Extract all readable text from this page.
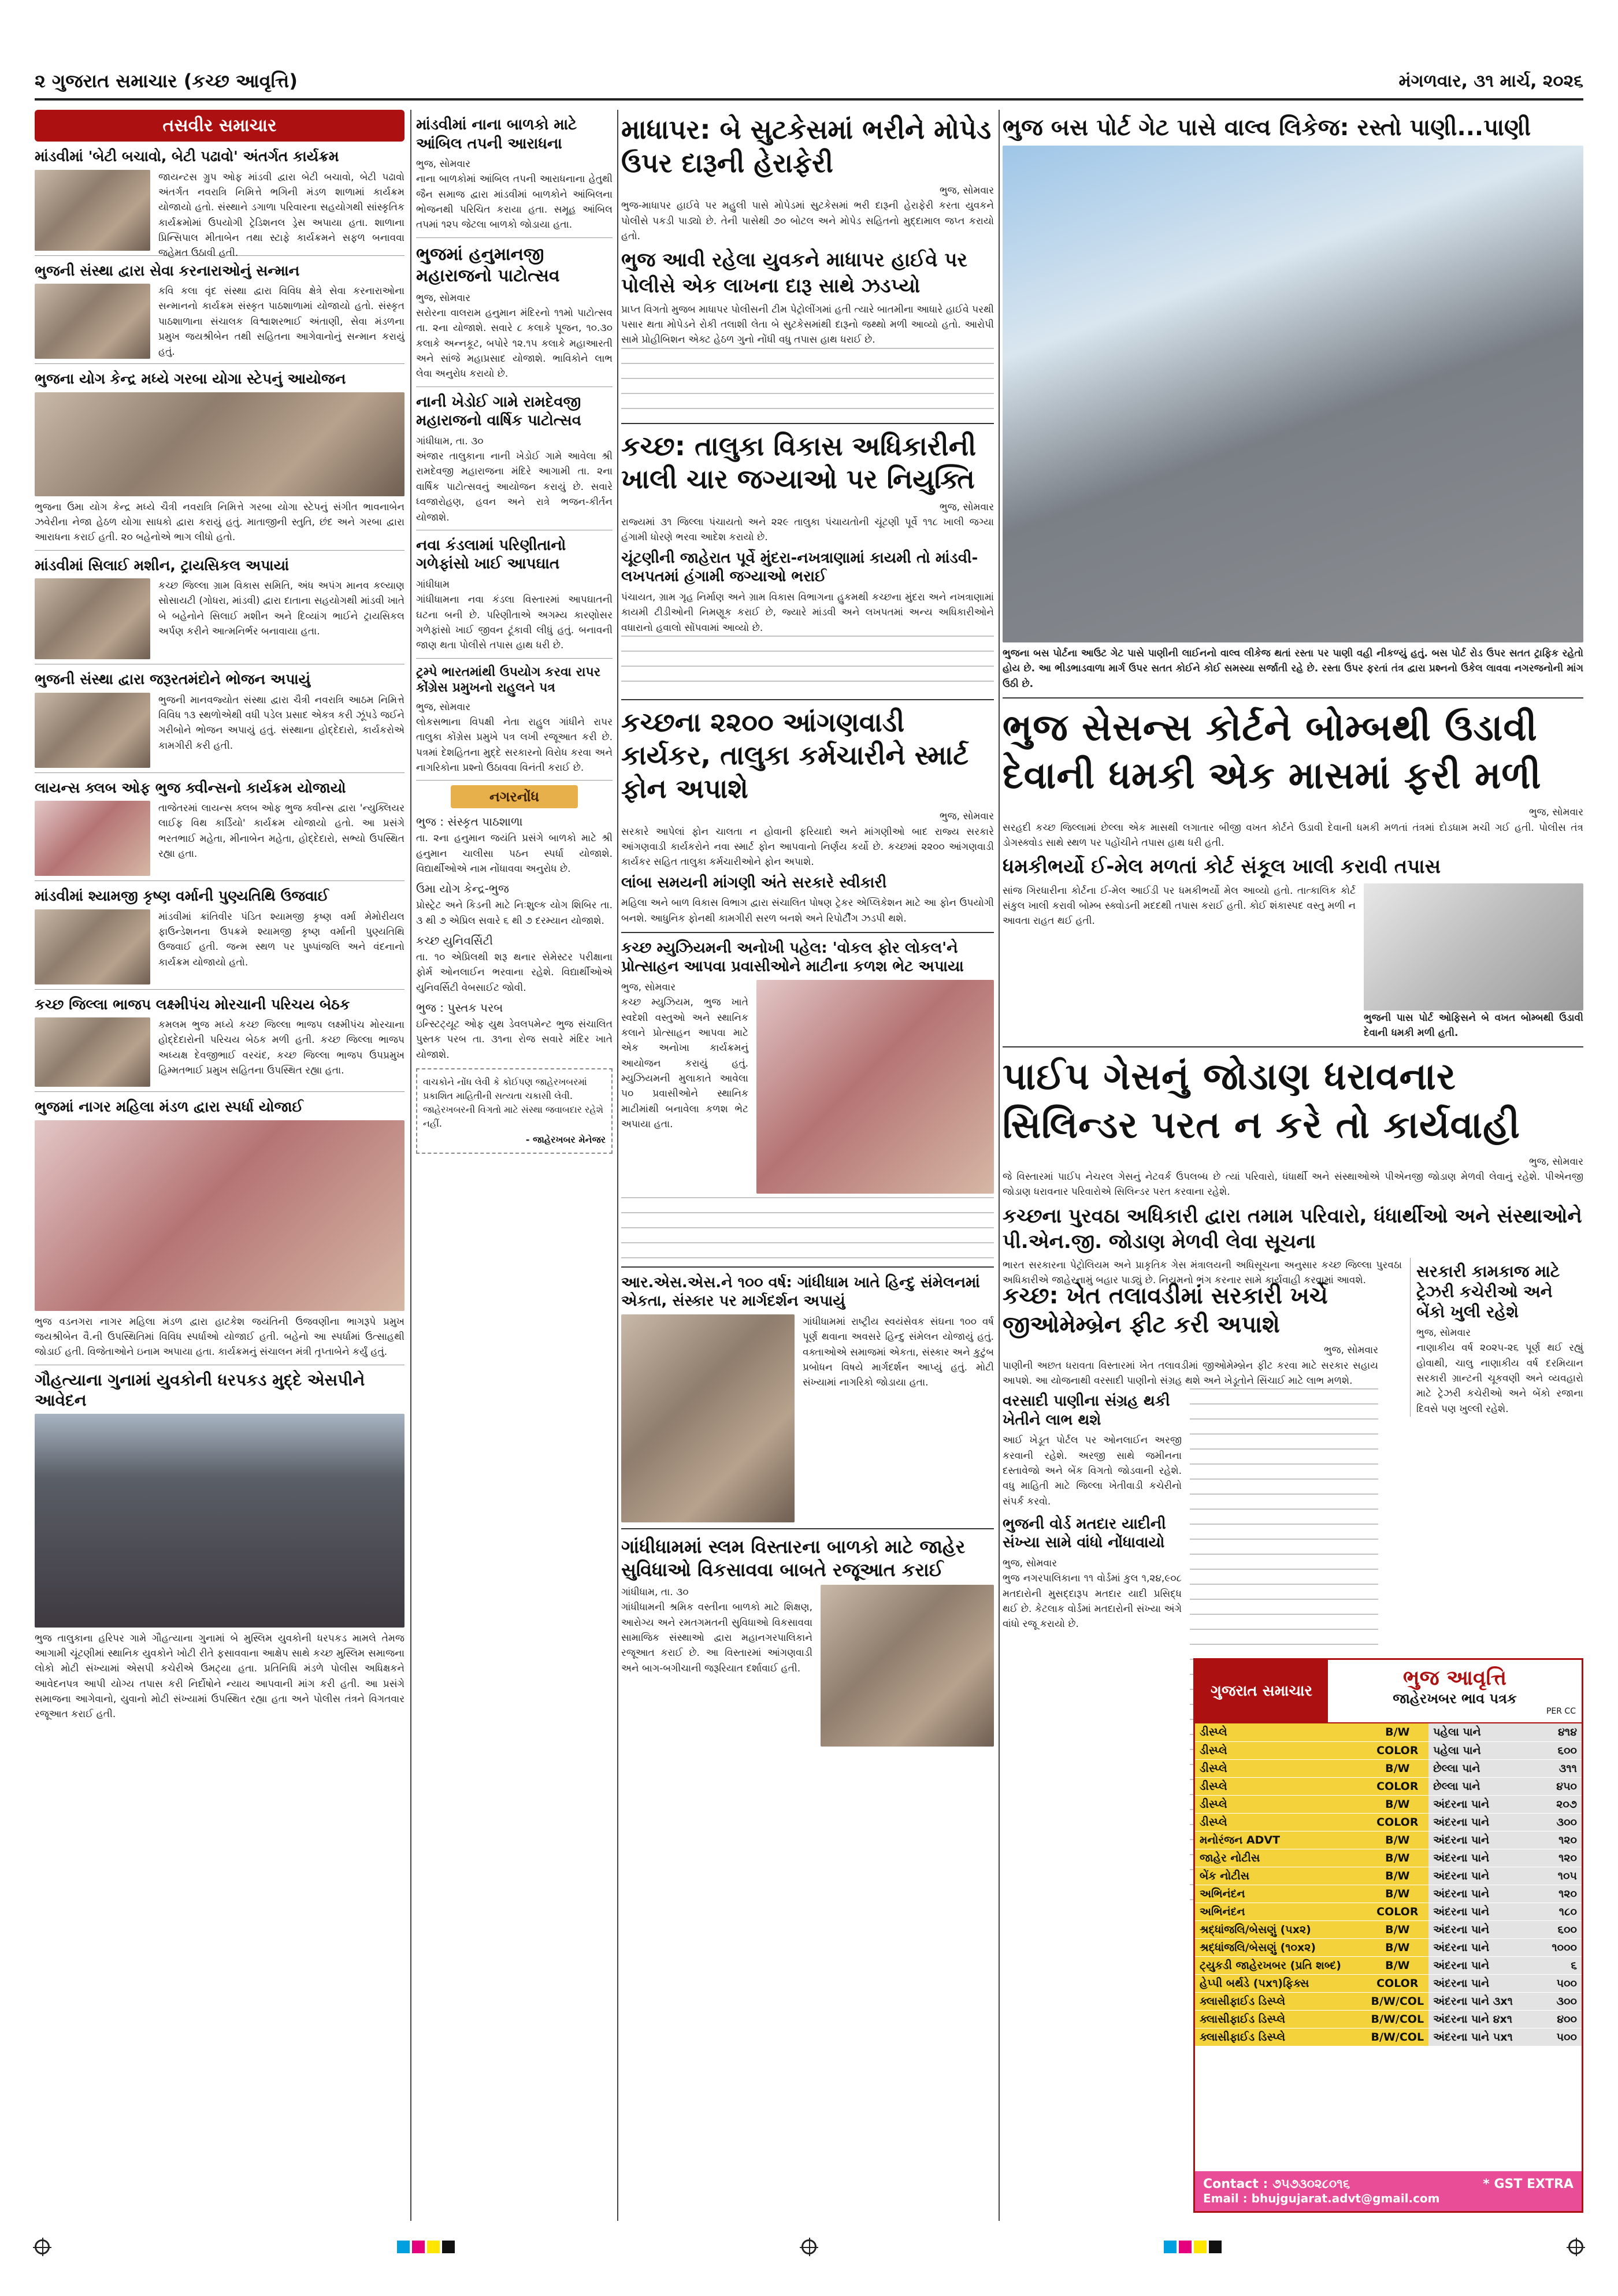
૨ ગુજરાત સમાચાર (કચ્છ આવૃત્તિ)	મંગળવાર, ૩૧ માર્ચ, ૨૦૨૬
તસવીર સમાચાર
માંડવીમાં 'બેટી બચાવો, બેટી પઢાવો' અંતર્ગત કાર્યક્રમ
જાયન્ટસ ગ્રુપ ઓફ માંડવી દ્વારા બેટી બચાવો, બેટી પઢાવો અંતર્ગત નવરાત્રિ નિમિત્તે ભગિની મંડળ શાળામાં કાર્યક્રમ યોજાયો હતો. સંસ્થાને ડગાળા પરિવારના સહયોગથી સાંસ્કૃતિક કાર્યક્રમોમાં ઉપયોગી ટ્રેડિશનલ ડ્રેસ અપાયા હતા. શાળાના પ્રિન્સિપાલ મીતાબેન તથા સ્ટાફે કાર્યક્રમને સફળ બનાવવા જહેમત ઉઠાવી હતી.
ભુજની સંસ્થા દ્વારા સેવા કરનારાઓનું સન્માન
કવિ કલા વૃંદ સંસ્થા દ્વારા વિવિધ ક્ષેત્રે સેવા કરનારાઓના સન્માનનો કાર્યક્રમ સંસ્કૃત પાઠશાળામાં યોજાયો હતો. સંસ્કૃત પાઠશાળાના સંચાલક વિશ્વાશરભાઈ અંતાણી, સેવા મંડળના પ્રમુખ જયશ્રીબેન તથી સહિતના આગેવાનોનું સન્માન કરાયું હતું.
ભુજના યોગ કેન્દ્ર મધ્યે ગરબા યોગા સ્ટેપનું આયોજન
ભુજના ઉમા યોગ કેન્દ્ર મધ્યે ચૈત્રી નવરાત્રિ નિમિત્તે ગરબા યોગા સ્ટેપનું સંગીત ભાવનાબેન ઝવેરીના નેજા હેઠળ યોગા સાધકો દ્વારા કરાયું હતું. માતાજીની સ્તુતિ, છંદ અને ગરબા દ્વારા આરાધના કરાઈ હતી. ૨૦ બહેનોએ ભાગ લીધો હતો.
માંડવીમાં સિલાઈ મશીન, ટ્રાયસિકલ અપાયાં
કચ્છ જિલ્લા ગ્રામ વિકાસ સમિતિ, અંધ અપંગ માનવ કલ્યાણ સોસાયટી (ગોધરા, માંડવી) દ્વારા દાતાના સહયોગથી માંડવી ખાતે બે બહેનોને સિલાઈ મશીન અને દિવ્યાંગ ભાઈને ટ્રાયસિકલ અર્પણ કરીને આત્મનિર્ભર બનાવાયા હતા.
ભુજની સંસ્થા દ્વારા જરૂરતમંદોને ભોજન અપાયું
ભુજની માનવજ્યોત સંસ્થા દ્વારા ચૈત્રી નવરાત્રિ આઠમ નિમિત્તે વિવિધ ૧૩ સ્થળોએથી વધી પડેલ પ્રસાદ એકત્ર કરી ઝૂંપડે જઈને ગરીબોને ભોજન અપાયું હતું. સંસ્થાના હોદ્દેદારો, કાર્યકરોએ કામગીરી કરી હતી.
લાયન્સ ક્લબ ઓફ ભુજ ક્વીન્સનો કાર્યક્રમ યોજાયો
તાજેતરમાં લાયન્સ ક્લબ ઓફ ભુજ ક્વીન્સ દ્વારા 'ન્યુક્લિયર લાઈફ વિથ કાર્ડિયો' કાર્યક્રમ યોજાયો હતો. આ પ્રસંગે ભરતભાઈ મહેતા, મીનાબેન મહેતા, હોદ્દેદારો, સભ્યો ઉપસ્થિત રહ્યા હતા.
માંડવીમાં શ્યામજી કૃષ્ણ વર્માની પુણ્યતિથિ ઉજવાઈ
માંડવીમાં ક્રાંતિવીર પંડિત શ્યામજી કૃષ્ણ વર્મા મેમોરીયલ ફાઉન્ડેશનના ઉપક્રમે શ્યામજી કૃષ્ણ વર્માની પુણ્યતિથિ ઉજવાઈ હતી. જન્મ સ્થળ પર પુષ્પાંજલિ અને વંદનાનો કાર્યક્રમ યોજાયો હતો.
કચ્છ જિલ્લા ભાજપ લક્ષ્મીપંચ મોરચાની પરિચય બેઠક
કમલમ ભુજ મધ્યે કચ્છ જિલ્લા ભાજપ લક્ષ્મીપંચ મોરચાના હોદ્દેદારોની પરિચય બેઠક મળી હતી. કચ્છ જિલ્લા ભાજપ અધ્યક્ષ દેવજીભાઈ વરચંદ, કચ્છ જિલ્લા ભાજપ ઉપપ્રમુખ હિમ્મતભાઈ પ્રમુખ સહિતના ઉપસ્થિત રહ્યા હતા.
ભુજમાં નાગર મહિલા મંડળ દ્વારા સ્પર્ધા યોજાઈ
ભુજ વડનગરા નાગર મહિલા મંડળ દ્વારા હાટકેશ જયંતિની ઉજવણીના ભાગરૂપે પ્રમુખ જયશ્રીબેન વૈ.ની ઉપસ્થિતિમાં વિવિધ સ્પર્ધાઓ યોજાઈ હતી. બહેનો આ સ્પર્ધામાં ઉત્સાહથી જોડાઈ હતી. વિજેતાઓને ઇનામ અપાયા હતા. કાર્યક્રમનું સંચાલન મંત્રી તૃપ્તાબેને કર્યું હતું.
ગૌહત્યાના ગુનામાં યુવકોની ધરપકડ મુદ્દે એસપીને આવેદન
ભુજ તાલુકાના હરિપર ગામે ગૌહત્યાના ગુનામાં બે મુસ્લિમ યુવકોની ધરપકડ મામલે તેમજ આગામી ચૂંટણીમાં સ્થાનિક યુવકોને ખોટી રીતે ફસાવવાના આક્ષેપ સાથે કચ્છ મુસ્લિમ સમાજના લોકો મોટી સંખ્યામાં એસપી કચેરીએ ઉમટ્યા હતા. પ્રતિનિધિ મંડળે પોલીસ અધિક્ષકને આવેદનપત્ર આપી યોગ્ય તપાસ કરી નિર્દોષોને ન્યાય આપવાની માંગ કરી હતી. આ પ્રસંગે સમાજના આગેવાનો, યુવાનો મોટી સંખ્યામાં ઉપસ્થિત રહ્યા હતા અને પોલીસ તંત્રને વિગતવાર રજૂઆત કરાઈ હતી.
માંડવીમાં નાના બાળકો માટે આંબિલ તપની આરાધના
ભુજ, સોમવાર
નાના બાળકોમાં આંબિલ તપની આરાધનાના હેતુથી જૈન સમાજ દ્વારા માંડવીમાં બાળકોને આંબિલના ભોજનથી પરિચિત કરાયા હતા. સમૂહ આંબિલ તપમાં ૧૨૫ જેટલા બાળકો જોડાયા હતા.
ભુજમાં હનુમાનજી મહારાજનો પાટોત્સવ
ભુજ, સોમવાર
સરોરના વાલરામ હનુમાન મંદિરનો ૧૧મો પાટોત્સવ તા. ૨ના યોજાશે. સવારે ૮ કલાકે પૂજન, ૧૦.૩૦ કલાકે અન્નકૂટ, બપોરે ૧૨.૧૫ કલાકે મહાઆરતી અને સાંજે મહાપ્રસાદ યોજાશે. ભાવિકોને લાભ લેવા અનુરોધ કરાયો છે.
નાની ખેડોઈ ગામે રામદેવજી મહારાજનો વાર્ષિક પાટોત્સવ
ગાંધીધામ, તા. ૩૦
અંજાર તાલુકાના નાની ખેડોઈ ગામે આવેલા શ્રી રામદેવજી મહારાજના મંદિરે આગામી તા. ૨ના વાર્ષિક પાટોત્સવનું આયોજન કરાયું છે. સવારે ધ્વજારોહણ, હવન અને રાત્રે ભજન-કીર્તન યોજાશે.
નવા કંડલામાં પરિણીતાનો ગળેફાંસો ખાઈ આપઘાત
ગાંધીધામ
ગાંધીધામના નવા કંડલા વિસ્તારમાં આપઘાતની ઘટના બની છે. પરિણીતાએ અગમ્ય કારણોસર ગળેફાંસો ખાઈ જીવન ટૂંકાવી લીધું હતું. બનાવની જાણ થતા પોલીસે તપાસ હાથ ધરી છે.
ટ્રમ્પે ભારતમાંથી ઉપયોગ કરવા રાપર કોંગ્રેસ પ્રમુખનો રાહુલને પત્ર
ભુજ, સોમવાર
લોકસભાના વિપક્ષી નેતા રાહુલ ગાંધીને રાપર તાલુકા કોંગ્રેસ પ્રમુખે પત્ર લખી રજૂઆત કરી છે. પત્રમાં દેશહિતના મુદ્દે સરકારનો વિરોધ કરવા અને નાગરિકોના પ્રશ્નો ઉઠાવવા વિનંતી કરાઈ છે.
નગરનોંધ
ભુજ : સંસ્કૃત પાઠશાળા
તા. ૨ના હનુમાન જયંતિ પ્રસંગે બાળકો માટે શ્રી હનુમાન ચાલીસા પઠન સ્પર્ધા યોજાશે. વિદ્યાર્થીઓએ નામ નોંધાવવા અનુરોધ છે.
ઉમા યોગ કેન્દ્ર-ભુજ
પ્રોસ્ટ્રેટ અને કિડની માટે નિઃશુલ્ક યોગ શિબિર તા. ૩ થી ૭ એપ્રિલ સવારે ૬ થી ૭ દરમ્યાન યોજાશે.
કચ્છ યુનિવર્સિટી
તા. ૧૦ એપ્રિલથી શરૂ થનાર સેમેસ્ટર પરીક્ષાના ફોર્મ ઓનલાઈન ભરવાના રહેશે. વિદ્યાર્થીઓએ યુનિવર્સિટી વેબસાઈટ જોવી.
ભુજ : પુસ્તક પરબ
ઇન્સ્ટિટ્યૂટ ઓફ યુથ ડેવલપમેન્ટ ભુજ સંચાલિત પુસ્તક પરબ તા. ૩૧ના રોજ સવારે મંદિર ખાતે યોજાશે.
વાચકોને નોંધ લેવી કે કોઈપણ જાહેરખબરમાં પ્રકાશિત માહિતીની સત્યતા ચકાસી લેવી. જાહેરખબરની વિગતો માટે સંસ્થા જવાબદાર રહેશે નહીં.
- જાહેરખબર મેનેજર
માધાપર: બે સુટકેસમાં ભરીને મોપેડ ઉપર દારૂની હેરાફેરી
ભુજ, સોમવાર
ભુજ-માધાપર હાઈવે પર મહુલી પાસે મોપેડમાં સુટકેસમાં ભરી દારૂની હેરાફેરી કરતા યુવકને પોલીસે પકડી પાડ્યો છે. તેની પાસેથી ૭૦ બોટલ અને મોપેડ સહિતનો મુદ્દામાલ જપ્ત કરાયો હતો.
ભુજ આવી રહેલા યુવકને માધાપર હાઈવે પર પોલીસે એક લાખના દારૂ સાથે ઝડપ્યો
પ્રાપ્ત વિગતો મુજબ માધાપર પોલીસની ટીમ પેટ્રોલીંગમાં હતી ત્યારે બાતમીના આધારે હાઈવે પરથી પસાર થતા મોપેડને રોકી તલાશી લેતા બે સુટકેસમાંથી દારૂનો જથ્થો મળી આવ્યો હતો. આરોપી સામે પ્રોહીબિશન એક્ટ હેઠળ ગુનો નોંધી વધુ તપાસ હાથ ધરાઈ છે.
કચ્છ: તાલુકા વિકાસ અધિકારીની ખાલી ચાર જગ્યાઓ પર નિયુક્તિ
ભુજ, સોમવાર
રાજ્યમાં ૩૧ જિલ્લા પંચાયતો અને ૨૨૯ તાલુકા પંચાયતોની ચૂંટણી પૂર્વે ૧૧૮ ખાલી જગ્યા હંગામી ધોરણે ભરવા આદેશ કરાયો છે.
ચૂંટણીની જાહેરાત પૂર્વે મુંદરા-નખત્રાણામાં કાયમી તો માંડવી-લખપતમાં હંગામી જગ્યાઓ ભરાઈ
પંચાયત, ગ્રામ ગૃહ નિર્માણ અને ગ્રામ વિકાસ વિભાગના હુકમથી કચ્છના મુંદરા અને નખત્રાણામાં કાયમી ટીડીઓની નિમણૂક કરાઈ છે, જ્યારે માંડવી અને લખપતમાં અન્ય અધિકારીઓને વધારાનો હવાલો સોંપવામાં આવ્યો છે.
કચ્છના ૨૨૦૦ આંગણવાડી કાર્યકર, તાલુકા કર્મચારીને સ્માર્ટ ફોન અપાશે
ભુજ, સોમવાર
સરકારે આપેલાં ફોન ચાલતા ન હોવાની ફરિયાદો અને માંગણીઓ બાદ રાજ્ય સરકારે આંગણવાડી કાર્યકરોને નવા સ્માર્ટ ફોન આપવાનો નિર્ણય કર્યો છે. કચ્છમાં ૨૨૦૦ આંગણવાડી કાર્યકર સહિત તાલુકા કર્મચારીઓને ફોન અપાશે.
લાંબા સમયની માંગણી અંતે સરકારે સ્વીકારી
મહિલા અને બાળ વિકાસ વિભાગ દ્વારા સંચાલિત પોષણ ટ્રેકર એપ્લિકેશન માટે આ ફોન ઉપયોગી બનશે. આધુનિક ફોનથી કામગીરી સરળ બનશે અને રિપોર્ટીંગ ઝડપી થશે.
કચ્છ મ્યુઝિયમની અનોખી પહેલ: 'વોકલ ફોર લોકલ'ને પ્રોત્સાહન આપવા પ્રવાસીઓને માટીના કળશ ભેટ અપાયા
ભુજ, સોમવાર
કચ્છ મ્યુઝિયમ, ભુજ ખાતે સ્વદેશી વસ્તુઓ અને સ્થાનિક કલાને પ્રોત્સાહન આપવા માટે એક અનોખા કાર્યક્રમનું આયોજન કરાયું હતું. મ્યુઝિયમની મુલાકાતે આવેલા ૫૦ પ્રવાસીઓને સ્થાનિક માટીમાંથી બનાવેલા કળશ ભેટ અપાયા હતા.
આર.એસ.એસ.ને ૧૦૦ વર્ષ: ગાંધીધામ ખાતે હિન્દુ સંમેલનમાં એકતા, સંસ્કાર પર માર્ગદર્શન અપાયું
ગાંધીધામમાં રાષ્ટ્રીય સ્વયંસેવક સંઘના ૧૦૦ વર્ષ પૂર્ણ થવાના અવસરે હિન્દુ સંમેલન યોજાયું હતું. વક્તાઓએ સમાજમાં એકતા, સંસ્કાર અને કુટુંબ પ્રબોધન વિષયે માર્ગદર્શન આપ્યું હતું. મોટી સંખ્યામાં નાગરિકો જોડાયા હતા.
ગાંધીધામમાં સ્લમ વિસ્તારના બાળકો માટે જાહેર સુવિધાઓ વિકસાવવા બાબતે રજૂઆત કરાઈ
ગાંધીધામ, તા. ૩૦
ગાંધીધામની શ્રમિક વસ્તીના બાળકો માટે શિક્ષણ, આરોગ્ય અને રમતગમતની સુવિધાઓ વિકસાવવા સામાજિક સંસ્થાઓ દ્વારા મહાનગરપાલિકાને રજૂઆત કરાઈ છે. આ વિસ્તારમાં આંગણવાડી અને બાગ-બગીચાની જરૂરિયાત દર્શાવાઈ હતી.
ભુજ બસ પોર્ટ ગેટ પાસે વાલ્વ લિકેજ: રસ્તો પાણી...પાણી
ભુજના બસ પોર્ટના આઉટ ગેટ પાસે પાણીની લાઈનનો વાલ્વ લીકેજ થતાં રસ્તા પર પાણી વહી નીકળ્યું હતું. બસ પોર્ટ રોડ ઉપર સતત ટ્રાફિક રહેતો હોય છે. આ ભીડભાડવાળા માર્ગ ઉપર સતત કોઈને કોઈ સમસ્યા સર્જાતી રહે છે. રસ્તા ઉપર ફરતાં તંત્ર દ્વારા પ્રશ્નનો ઉકેલ લાવવા નગરજનોની માંગ ઉઠી છે.
ભુજ સેસન્સ કોર્ટને બોમ્બથી ઉડાવી દેવાની ધમકી એક માસમાં ફરી મળી
ભુજ, સોમવાર
સરહદી કચ્છ જિલ્લામાં છેલ્લા એક માસથી લગાતાર બીજી વખત કોર્ટને ઉડાવી દેવાની ધમકી મળતાં તંત્રમાં દોડધામ મચી ગઈ હતી. પોલીસ તંત્ર ડોગસ્ક્વોડ સાથે સ્થળ પર પહોંચીને તપાસ હાથ ધરી હતી.
ધમકીભર્યો ઈ-મેલ મળતાં કોર્ટ સંકૂલ ખાલી કરાવી તપાસ
સાંજ ગિરધારીના કોર્ટના ઈ-મેલ આઈડી પર ધમકીભર્યો મેલ આવ્યો હતો. તાત્કાલિક કોર્ટ સંકુલ ખાલી કરાવી બોમ્બ સ્ક્વોડની મદદથી તપાસ કરાઈ હતી. કોઈ શંકાસ્પદ વસ્તુ મળી ન આવતા રાહત થઈ હતી.
ભુજની પાસ પોર્ટ ઓફિસને બે વખત બોમ્બથી ઉડાવી દેવાની ધમકી મળી હતી.
પાઈપ ગેસનું જોડાણ ધરાવનાર સિલિન્ડર પરત ન કરે તો કાર્યવાહી
ભુજ, સોમવાર
જે વિસ્તારમાં પાઈપ નેચરલ ગેસનું નેટવર્ક ઉપલબ્ધ છે ત્યાં પરિવારો, ધંધાર્થી અને સંસ્થાઓએ પીએનજી જોડાણ મેળવી લેવાનું રહેશે. પીએનજી જોડાણ ધરાવનાર પરિવારોએ સિલિન્ડર પરત કરવાના રહેશે.
કચ્છના પુરવઠા અધિકારી દ્વારા તમામ પરિવારો, ધંધાર્થીઓ અને સંસ્થાઓને પી.એન.જી. જોડાણ મેળવી લેવા સૂચના
ભારત સરકારના પેટ્રોલિયમ અને પ્રાકૃતિક ગેસ મંત્રાલયની અધિસૂચના અનુસાર કચ્છ જિલ્લા પુરવઠા અધિકારીએ જાહેરનામું બહાર પાડ્યું છે. નિયમનો ભંગ કરનાર સામે કાર્યવાહી કરવામાં આવશે.	સરકારી કામકાજ માટે ટ્રેઝરી કચેરીઓ અને બેંકો ખુલી રહેશે
ભુજ, સોમવાર
નાણાકીય વર્ષ ૨૦૨૫-૨૬ પૂર્ણ થઈ રહ્યું હોવાથી, ચાલુ નાણાકીય વર્ષ દરમિયાન સરકારી ગ્રાન્ટની ચૂકવણી અને વ્યવહારો માટે ટ્રેઝરી કચેરીઓ અને બેંકો રજાના દિવસે પણ ખુલ્લી રહેશે.
કચ્છ: ખેત તલાવડીમાં સરકારી ખર્ચે જીઓમેમ્બ્રેન ફીટ કરી અપાશે
ભુજ, સોમવાર
પાણીની અછત ધરાવતા વિસ્તારમાં ખેત તલાવડીમાં જીઓમેમ્બ્રેન ફીટ કરવા માટે સરકાર સહાય આપશે. આ યોજનાથી વરસાદી પાણીનો સંગ્રહ થશે અને ખેડૂતોને સિંચાઈ માટે લાભ મળશે.
વરસાદી પાણીના સંગ્રહ થકી ખેતીને લાભ થશે
આઈ ખેડૂત પોર્ટલ પર ઓનલાઈન અરજી કરવાની રહેશે. અરજી સાથે જમીનના દસ્તાવેજો અને બેંક વિગતો જોડવાની રહેશે. વધુ માહિતી માટે જિલ્લા ખેતીવાડી કચેરીનો સંપર્ક કરવો.
ભુજની વોર્ડ મતદાર યાદીની સંખ્યા સામે વાંધો નોંધાવાયો
ભુજ, સોમવાર
ભુજ નગરપાલિકાના ૧૧ વોર્ડમાં કુલ ૧,૨૪,૯૦૮ મતદારોની મુસદ્દારૂપ મતદાર યાદી પ્રસિદ્ધ થઈ છે. કેટલાક વોર્ડમાં મતદારોની સંખ્યા અંગે વાંધો રજૂ કરાયો છે.
ગુજરાત સમાચાર
ભુજ આવૃત્તિ
જાહેરખબર ભાવ પત્રક
PER CC
ડીસ્પ્લે	B/W	પહેલા પાને	૪૧૪
ડીસ્પ્લે	COLOR	પહેલા પાને	૬૦૦
ડીસ્પ્લે	B/W	છેલ્લા પાને	૩૧૧
ડીસ્પ્લે	COLOR	છેલ્લા પાને	૪૫૦
ડીસ્પ્લે	B/W	અંદરના પાને	૨૦૭
ડીસ્પ્લે	COLOR	અંદરના પાને	૩૦૦
મનોરંજન ADVT	B/W	અંદરના પાને	૧૨૦
જાહેર નોટીસ	B/W	અંદરના પાને	૧૨૦
બેંક નોટીસ	B/W	અંદરના પાને	૧૦૫
અભિનંદન	B/W	અંદરના પાને	૧૨૦
અભિનંદન	COLOR	અંદરના પાને	૧૮૦
શ્રદ્ધાંજલિ/બેસણું (૫x૨)	B/W	અંદરના પાને	૬૦૦
શ્રદ્ધાંજલિ/બેસણું (૧૦x૨)	B/W	અંદરના પાને	૧૦૦૦
ટ્યુકડી જાહેરખબર (પ્રતિ શબ્દ)	B/W	અંદરના પાને	૬
હેપ્પી બર્થડે (૫x૧)ફિક્સ	COLOR	અંદરના પાને	૫૦૦
ક્લાસીફાઈડ ડિસ્પ્લે	B/W/COL	અંદરના પાને ૩x૧	૩૦૦
ક્લાસીફાઈડ ડિસ્પ્લે	B/W/COL	અંદરના પાને ૪x૧	૪૦૦
ક્લાસીફાઈડ ડિસ્પ્લે	B/W/COL	અંદરના પાને ૫x૧	૫૦૦
Contact : ૭૫૭૩૦૨૮૦૧૬	* GST EXTRA
Email : bhujgujarat.advt@gmail.com
